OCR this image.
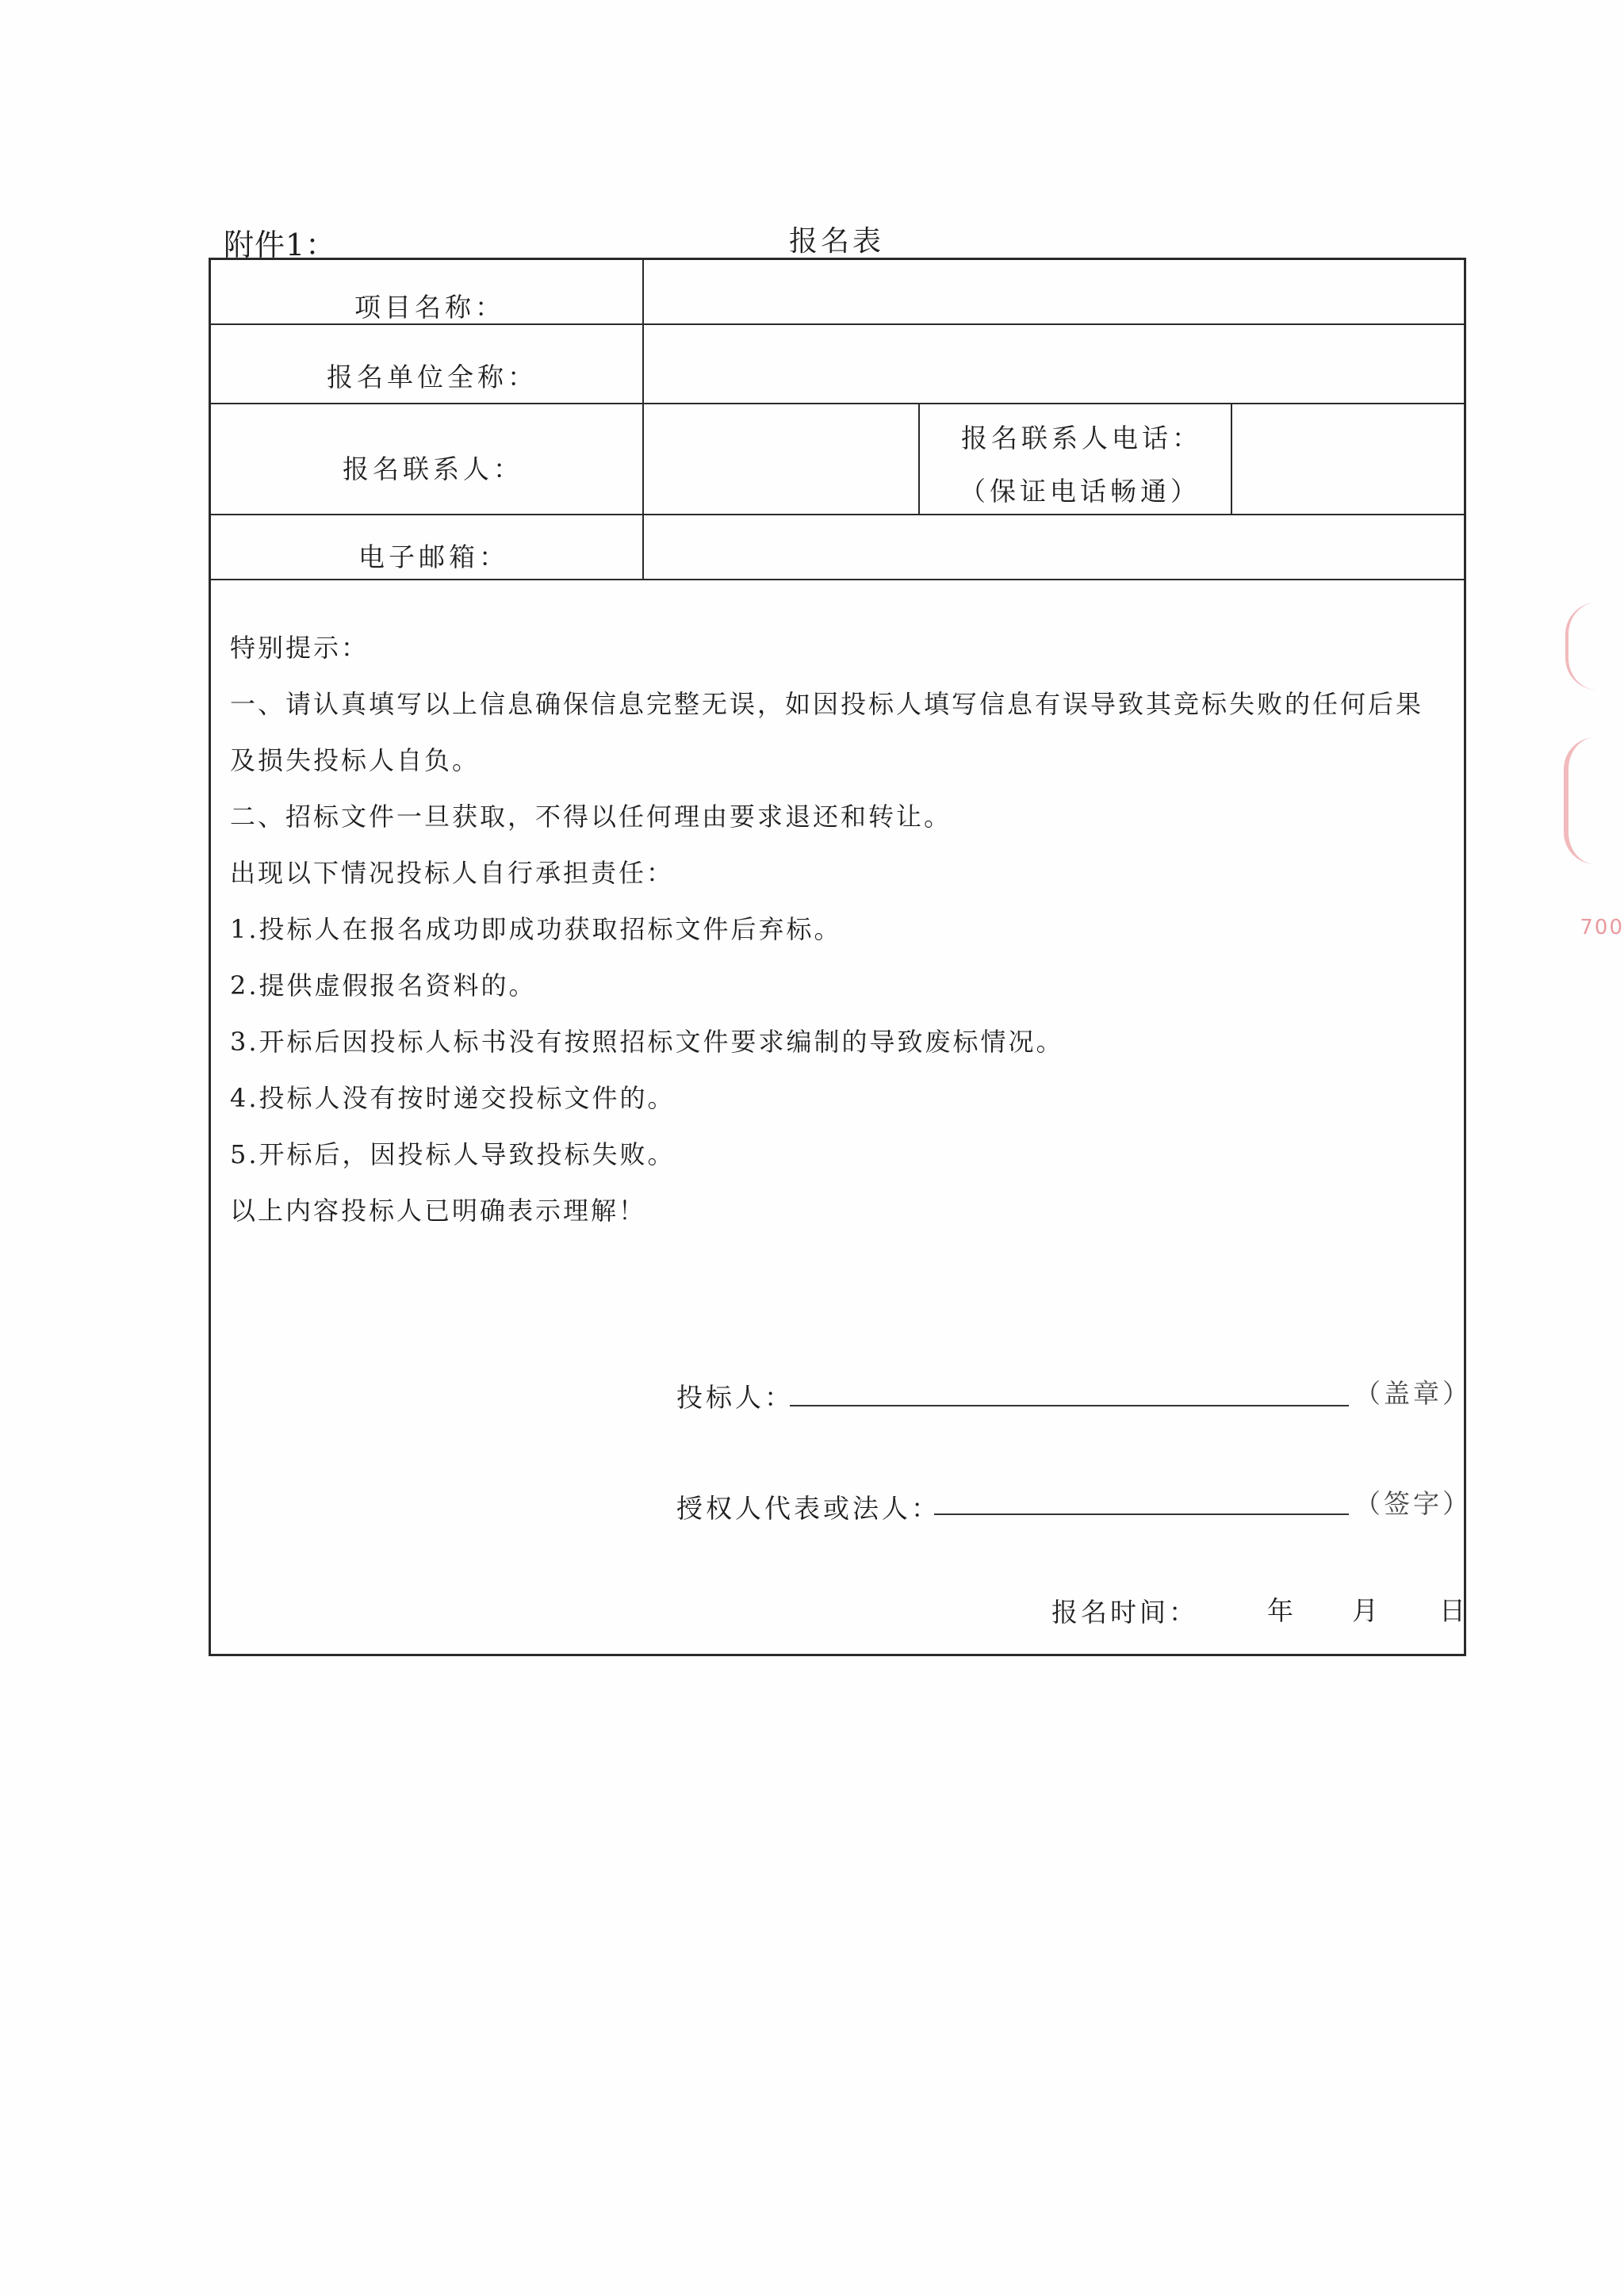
附件1：	报名表
项目名称：
报名单位全称：
报名联系人：
报名联系人电话：
（保证电话畅通）
电子邮箱：
特别提示：
一、请认真填写以上信息确保信息完整无误，如因投标人填写信息有误导致其竞标失败的任何后果
及损失投标人自负。
二、招标文件一旦获取，不得以任何理由要求退还和转让。
出现以下情况投标人自行承担责任：
1.投标人在报名成功即成功获取招标文件后弃标。
2.提供虚假报名资料的。
3.开标后因投标人标书没有按照招标文件要求编制的导致废标情况。
4.投标人没有按时递交投标文件的。
5.开标后，因投标人导致投标失败。
以上内容投标人已明确表示理解！
投标人：	（盖章）
授权人代表或法人：	（签字）
报名时间：	年 月 日
700
